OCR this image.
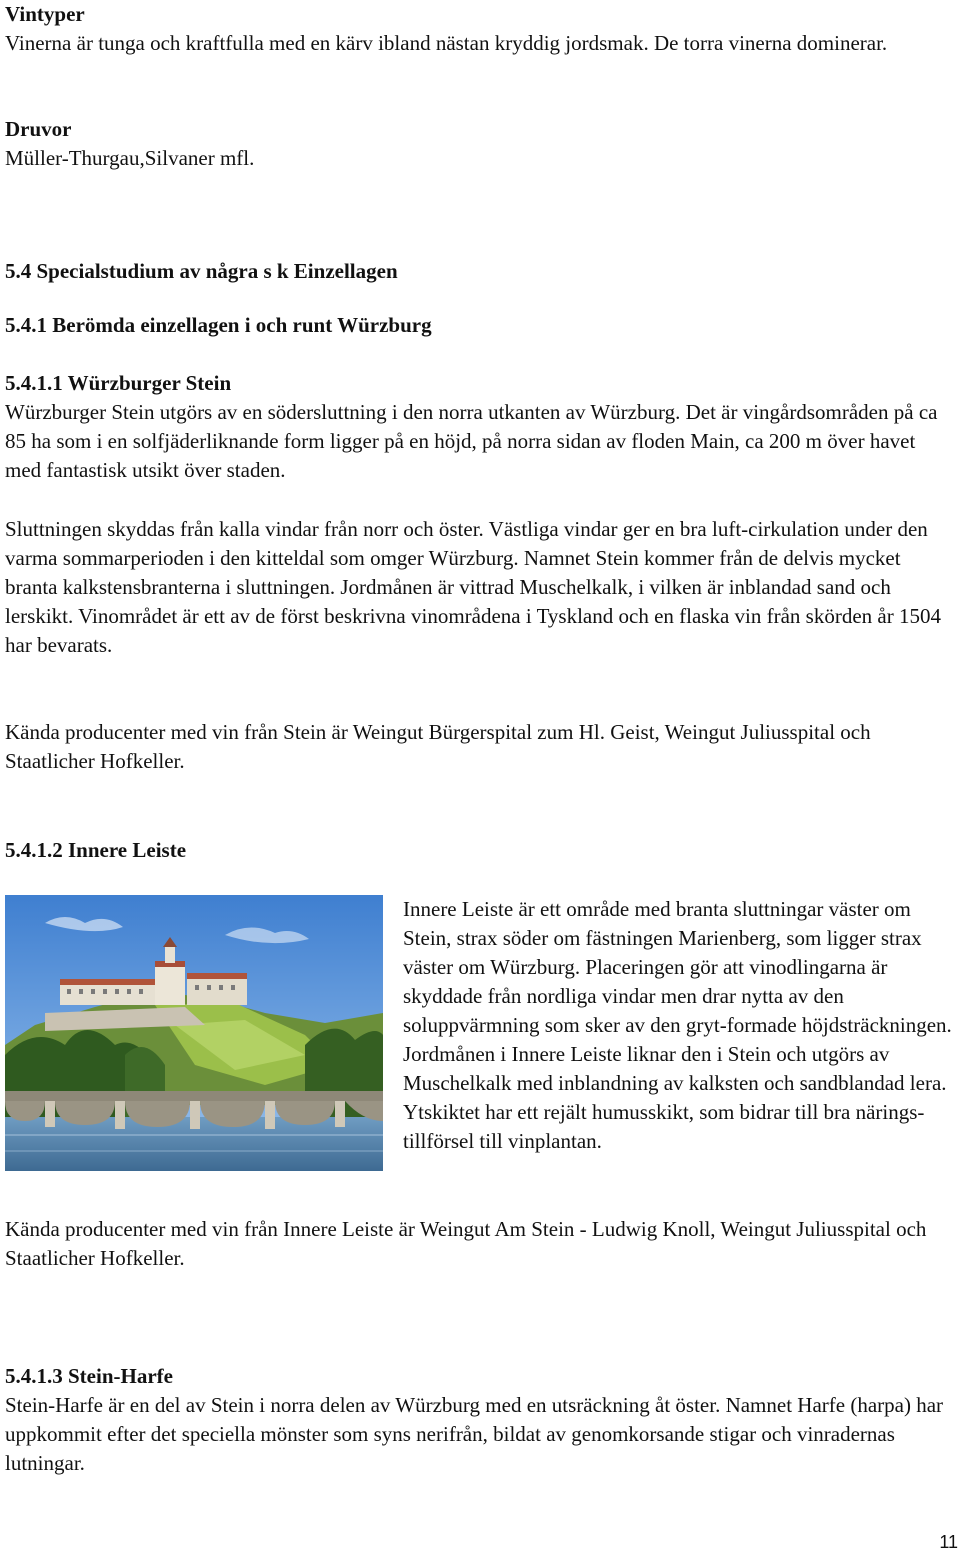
Vintyper
Vinerna är tunga och kraftfulla med en kärv ibland nästan kryddig jordsmak. De torra vinerna dominerar.
Druvor
Müller-Thurgau,Silvaner mfl.
5.4 Specialstudium av några s k Einzellagen
5.4.1 Berömda einzellagen i och runt Würzburg
5.4.1.1 Würzburger Stein

Würzburger Stein utgörs av en södersluttning i den norra utkanten av Würzburg. Det är vingårdsområden på ca 85 ha som i en solfjäderliknande form ligger på en höjd, på norra sidan av floden Main, ca 200 m över havet med fantastisk utsikt över staden.

Sluttningen skyddas från kalla vindar från norr och öster. Västliga vindar ger en bra luft-cirkulation under den varma sommarperioden i den kitteldal som omger Würzburg. Namnet Stein kommer från de delvis mycket branta kalkstensbranterna i sluttningen. Jordmånen är vittrad Muschelkalk, i vilken är inblandad sand och lerskikt. Vinområdet är ett av de först beskrivna vinområdena i Tyskland och en flaska vin från skörden år 1504 har bevarats.
Kända producenter med vin från Stein är Weingut Bürgerspital zum Hl. Geist, Weingut Juliusspital och Staatlicher Hofkeller.
5.4.1.2 Innere Leiste
Innere Leiste är ett område med branta sluttningar väster om Stein, strax söder om fästningen Marienberg, som ligger strax väster om Würzburg. Placeringen gör att vinodlingarna är skyddade från nordliga vindar men drar nytta av den soluppvärmning som sker av den gryt-formade höjdsträckningen. Jordmånen i Innere Leiste liknar den i Stein och utgörs av Muschelkalk med inblandning av kalksten och sandblandad lera. Ytskiktet har ett rejält humusskikt, som bidrar till bra närings-tillförsel till vinplantan.
Kända producenter med vin från Innere Leiste är Weingut Am Stein - Ludwig Knoll, Weingut Juliusspital och Staatlicher Hofkeller.
5.4.1.3 Stein-Harfe
Stein-Harfe är en del av Stein i norra delen av Würzburg med en utsräckning åt öster. Namnet Harfe (harpa) har uppkommit efter det speciella mönster som syns nerifrån, bildat av genomkorsande stigar och vinradernas lutningar.
11
